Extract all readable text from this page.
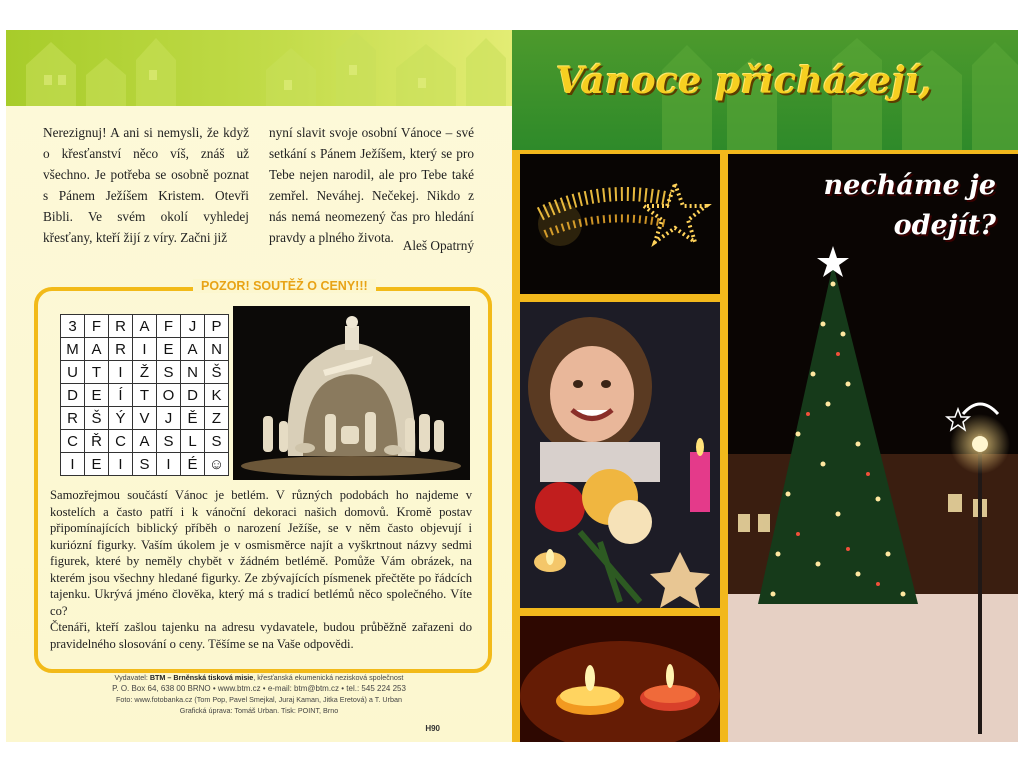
Nerezignuj! A ani si nemysli, že když o křesťanství něco víš, znáš už všechno. Je potřeba se osobně poznat s Pánem Ježíšem Kristem. Otevři Bibli. Ve svém okolí vyhledej křesťany, kteří žijí z víry. Začni již
nyní slavit svoje osobní Vánoce – své setkání s Pánem Ježíšem, který se pro Tebe nejen narodil, ale pro Tebe také zemřel. Neváhej. Nečekej. Nikdo z nás nemá neomezený čas pro hledání pravdy a plného života.
Aleš Opatrný
POZOR! SOUTĚŽ O CENY!!!
3	F	R	A	F	J	P
M	A	R	I	E	A	N
U	T	I	Ž	S	N	Š
D	E	Í	T	O	D	K
R	Š	Ý	V	J	Ě	Z
C	Ř	C	A	S	L	S
I	E	I	S	I	É	☺

Samozřejmou součástí Vánoc je betlém. V různých podobách ho najdeme v kostelích a často patří i k vánoční dekoraci našich domovů. Kromě postav připomínajících biblický příběh o narození Ježíše, se v něm často objevují i kuriózní figurky. Vaším úkolem je v osmisměrce najít a vyškrtnout názvy sedmi figurek, které by neměly chybět v žádném betlémě. Pomůže Vám obrázek, na kterém jsou všechny hledané figurky. Ze zbývajících písmenek přečtěte po řádcích tajenku. Ukrývá jméno člověka, který má s tradicí betlémů něco společného. Víte co?

Čtenáři, kteří zašlou tajenku na adresu vydavatele, budou průběžně zařazeni do pravidelného slosování o ceny. Těšíme se na Vaše odpovědi.

Vydavatel: BTM – Brněnská tisková misie, křesťanská ekumenická nezisková společnost
P. O. Box 64, 638 00 BRNO • www.btm.cz • e-mail: btm@btm.cz • tel.: 545 224 253
Foto: www.fotobanka.cz (Tom Pop, Pavel Smejkal, Juraj Kaman, Jitka Eretová) a T. Urban
Grafická úprava: Tomáš Urban. Tisk: POINT, Brno
H90
Vánoce přicházejí,
necháme je
odejít?
